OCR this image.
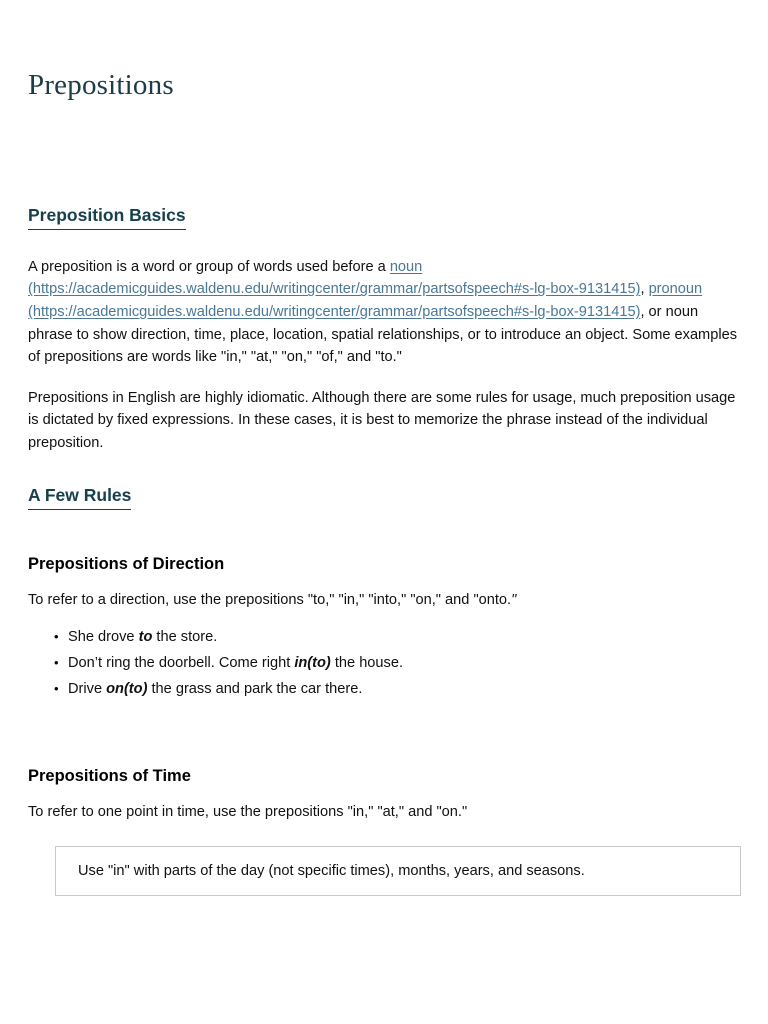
Prepositions
Preposition Basics

A preposition is a word or group of words used before a noun (https://academicguides.waldenu.edu/writingcenter/grammar/partsofspeech#s-lg-box-9131415), pronoun (https://academicguides.waldenu.edu/writingcenter/grammar/partsofspeech#s-lg-box-9131415), or noun phrase to show direction, time, place, location, spatial relationships, or to introduce an object. Some examples of prepositions are words like "in," "at," "on," "of," and "to."

Prepositions in English are highly idiomatic. Although there are some rules for usage, much preposition usage is dictated by fixed expressions. In these cases, it is best to memorize the phrase instead of the individual preposition.

A Few Rules
Prepositions of Direction

To refer to a direction, use the prepositions "to," "in," "into," "on," and "onto."

• She drove to the store.
• Don’t ring the doorbell. Come right in(to) the house.
• Drive on(to) the grass and park the car there.
Prepositions of Time

To refer to one point in time, use the prepositions "in," "at," and "on."

Use "in" with parts of the day (not specific times), months, years, and seasons.
